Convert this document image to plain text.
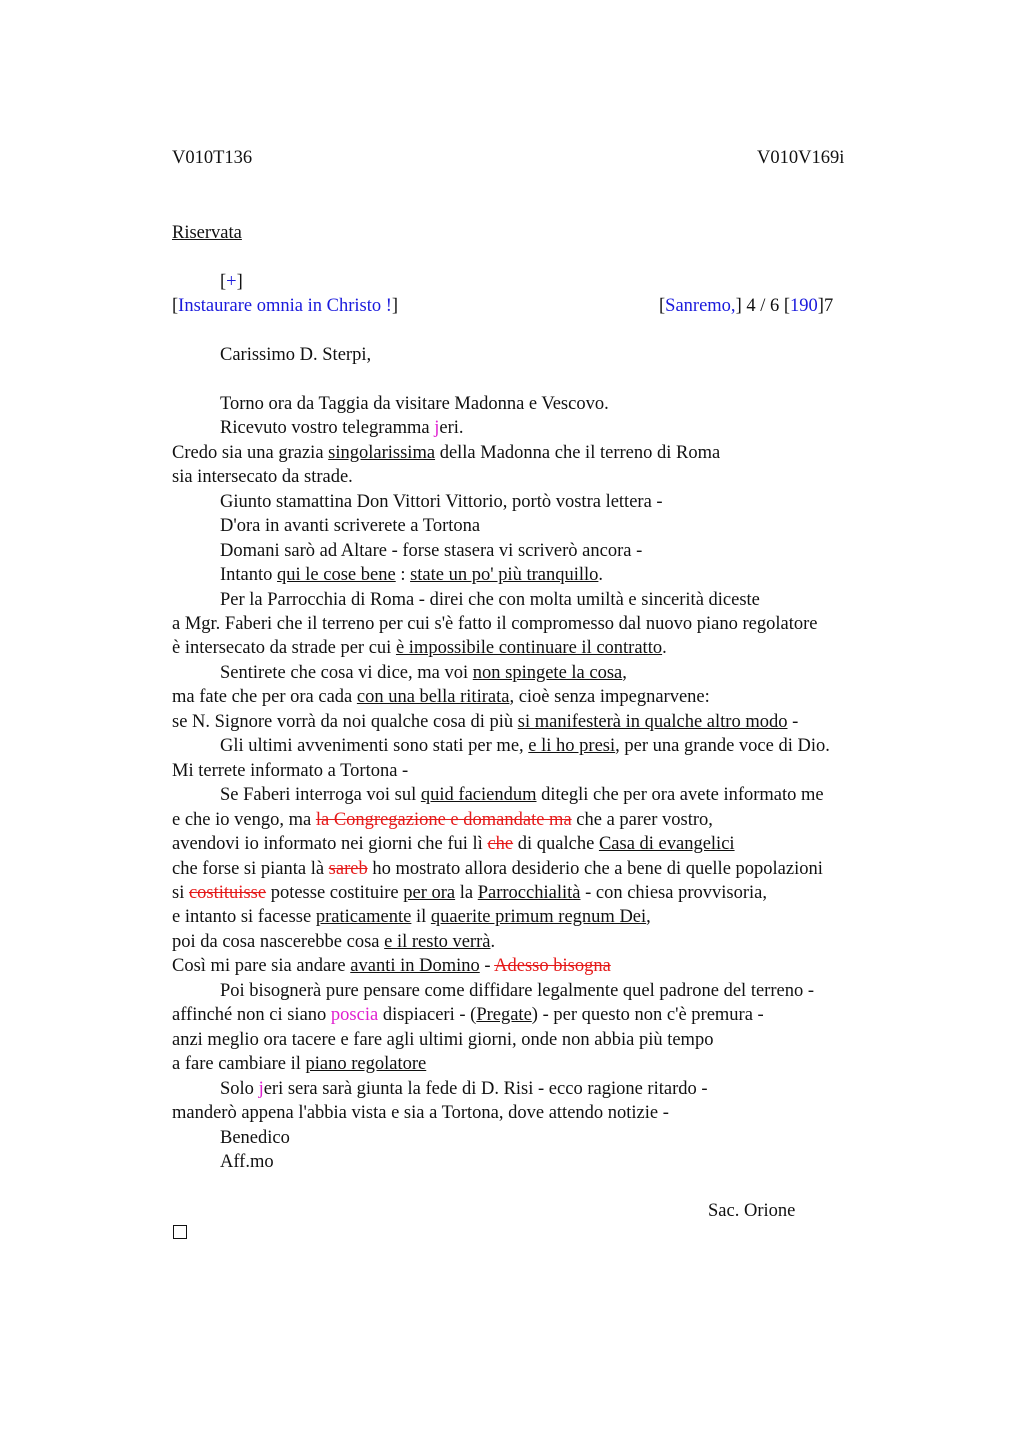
V010T136	V010V169i
Riservata
[+]
[Instaurare omnia in Christo !]	[Sanremo,] 4 / 6 [190]7
Carissimo D. Sterpi,
Torno ora da Taggia da visitare Madonna e Vescovo.
Ricevuto vostro telegramma jeri.
Credo sia una grazia singolarissima della Madonna che il terreno di Roma
sia intersecato da strade.
Giunto stamattina Don Vittori Vittorio, portò vostra lettera -
D'ora in avanti scriverete a Tortona
Domani sarò ad Altare - forse stasera vi scriverò ancora -
Intanto qui le cose bene : state un po' più tranquillo.
Per la Parrocchia di Roma - direi che con molta umiltà e sincerità diceste
a Mgr. Faberi che il terreno per cui s'è fatto il compromesso dal nuovo piano regolatore
è intersecato da strade per cui è impossibile continuare il contratto.
Sentirete che cosa vi dice, ma voi non spingete la cosa,
ma fate che per ora cada con una bella ritirata, cioè senza impegnarvene:
se N. Signore vorrà da noi qualche cosa di più si manifesterà in qualche altro modo -
Gli ultimi avvenimenti sono stati per me, e li ho presi, per una grande voce di Dio.
Mi terrete informato a Tortona -
Se Faberi interroga voi sul quid faciendum ditegli che per ora avete informato me
e che io vengo, ma la Congregazione e domandate ma che a parer vostro,
avendovi io informato nei giorni che fui lì che di qualche Casa di evangelici
che forse si pianta là sareb ho mostrato allora desiderio che a bene di quelle popolazioni
si costituisse potesse costituire per ora la Parrocchialità - con chiesa provvisoria,
e intanto si facesse praticamente il quaerite primum regnum Dei,
poi da cosa nascerebbe cosa e il resto verrà.
Così mi pare sia andare avanti in Domino - Adesso bisogna
Poi bisognerà pure pensare come diffidare legalmente quel padrone del terreno -
affinché non ci siano poscia dispiaceri - (Pregate) - per questo non c'è premura -
anzi meglio ora tacere e fare agli ultimi giorni, onde non abbia più tempo
a fare cambiare il piano regolatore
Solo jeri sera sarà giunta la fede di D. Risi - ecco ragione ritardo -
manderò appena l'abbia vista e sia a Tortona, dove attendo notizie -
Benedico
Aff.mo
Sac. Orione
